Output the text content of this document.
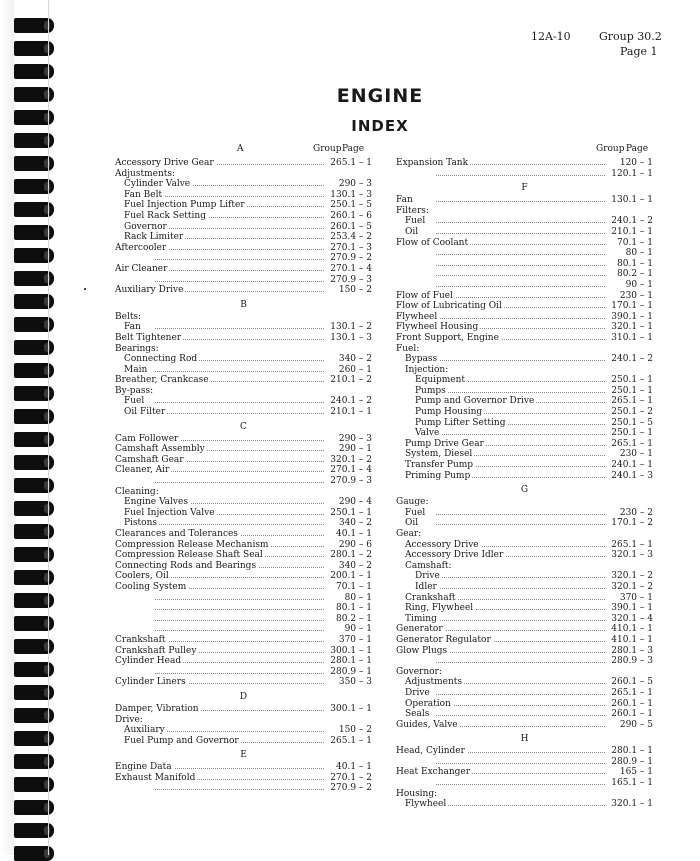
12A-10	Group 30.2
Page 1
ENGINE
INDEX
A	Group Page
Accessory Drive Gear	265.1 – 1
Adjustments:
Cylinder Valve	290 – 3
Fan Belt	130.1 – 3
Fuel Injection Pump Lifter	250.1 – 5
Fuel Rack Setting	260.1 – 6
Governor	260.1 – 5
Rack Limiter	253.4 – 2
Aftercooler	270.1 – 3
270.9 – 2
Air Cleaner	270.1 – 4
270.9 – 3
Auxiliary Drive	150 – 2
B
Belts:
Fan	130.1 – 2
Belt Tightener	130.1 – 3
Bearings:
Connecting Rod	340 – 2
Main	260 – 1
Breather, Crankcase	210.1 – 2
By-pass:
Fuel	240.1 – 2
Oil Filter	210.1 – 1
C
Cam Follower	290 – 3
Camshaft Assembly	290 – 1
Camshaft Gear	320.1 – 2
Cleaner, Air	270.1 – 4
270.9 – 3
Cleaning:
Engine Valves	290 – 4
Fuel Injection Valve	250.1 – 1
Pistons	340 – 2
Clearances and Tolerances	40.1 – 1
Compression Release Mechanism	290 – 6
Compression Release Shaft Seal	280.1 – 2
Connecting Rods and Bearings	340 – 2
Coolers, Oil	200.1 – 1
Cooling System	70.1 – 1
80 – 1
80.1 – 1
80.2 – 1
90 – 1
Crankshaft	370 – 1
Crankshaft Pulley	300.1 – 1
Cylinder Head	280.1 – 1
280.9 – 1
Cylinder Liners	350 – 3
D
Damper, Vibration	300.1 – 1
Drive:
Auxiliary	150 – 2
Fuel Pump and Governor	265.1 – 1
E
Engine Data	40.1 – 1
Exhaust Manifold	270.1 – 2
270.9 – 2
Group Page
Expansion Tank	120 – 1
120.1 – 1
F
Fan	130.1 – 1
Filters:
Fuel	240.1 – 2
Oil	210.1 – 1
Flow of Coolant	70.1 – 1
80 – 1
80.1 – 1
80.2 – 1
90 – 1
Flow of Fuel	230 – 1
Flow of Lubricating Oil	170.1 – 1
Flywheel	390.1 – 1
Flywheel Housing	320.1 – 1
Front Support, Engine	310.1 – 1
Fuel:
Bypass	240.1 – 2
Injection:
Equipment	250.1 – 1
Pumps	250.1 – 1
Pump and Governor Drive	265.1 – 1
Pump Housing	250.1 – 2
Pump Lifter Setting	250.1 – 5
Valve	250.1 – 1
Pump Drive Gear	265.1 – 1
System, Diesel	230 – 1
Transfer Pump	240.1 – 1
Priming Pump	240.1 – 3
G
Gauge:
Fuel	230 – 2
Oil	170.1 – 2
Gear:
Accessory Drive	265.1 – 1
Accessory Drive Idler	320.1 – 3
Camshaft:
Drive	320.1 – 2
Idler	320.1 – 2
Crankshaft	370 – 1
Ring, Flywheel	390.1 – 1
Timing	320.1 – 4
Generator	410.1 – 1
Generator Regulator	410.1 – 1
Glow Plugs	280.1 – 3
280.9 – 3
Governor:
Adjustments	260.1 – 5
Drive	265.1 – 1
Operation	260.1 – 1
Seals	260.1 – 1
Guides, Valve	290 – 5
H
Head, Cylinder	280.1 – 1
280.9 – 1
Heat Exchanger	165 – 1
165.1 – 1
Housing:
Flywheel	320.1 – 1
